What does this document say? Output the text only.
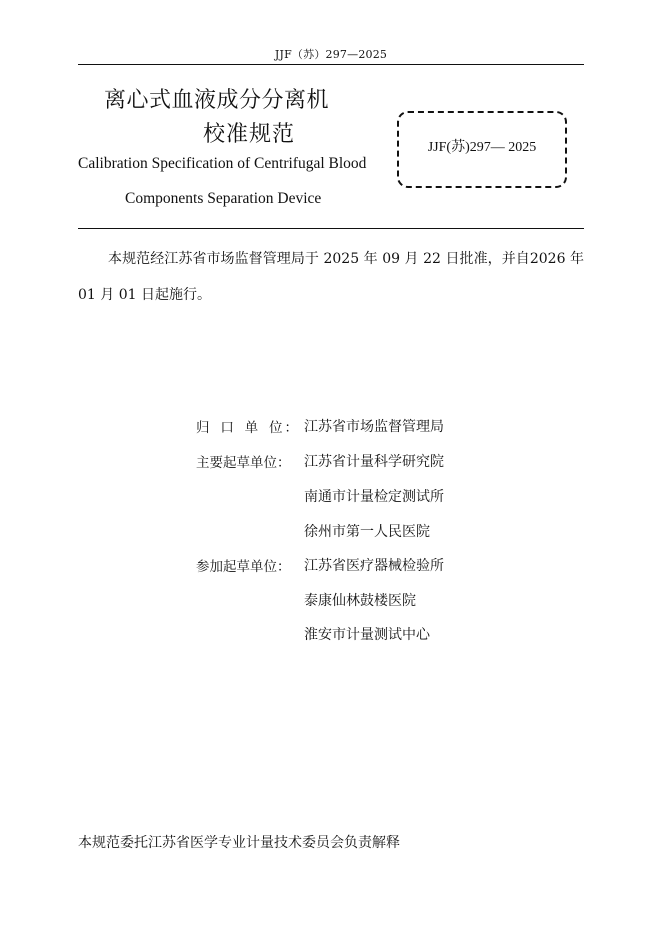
JJF（苏）297—2025
离心式血液成分分离机
校准规范
Calibration Specification of Centrifugal Blood
Components Separation Device
JJF(苏)297— 2025

本规范经江苏省市场监督管理局于 2025 年 09 月 22 日批准，并自2026 年 01 月 01 日起施行。

归 口 单 位 ： 江苏省市场监督管理局
主要起草单位 ： 江苏省计量科学研究院
南通市计量检定测试所
徐州市第一人民医院
参加起草单位 ： 江苏省医疗器械检验所
泰康仙林鼓楼医院
淮安市计量测试中心
本规范委托江苏省医学专业计量技术委员会负责解释
